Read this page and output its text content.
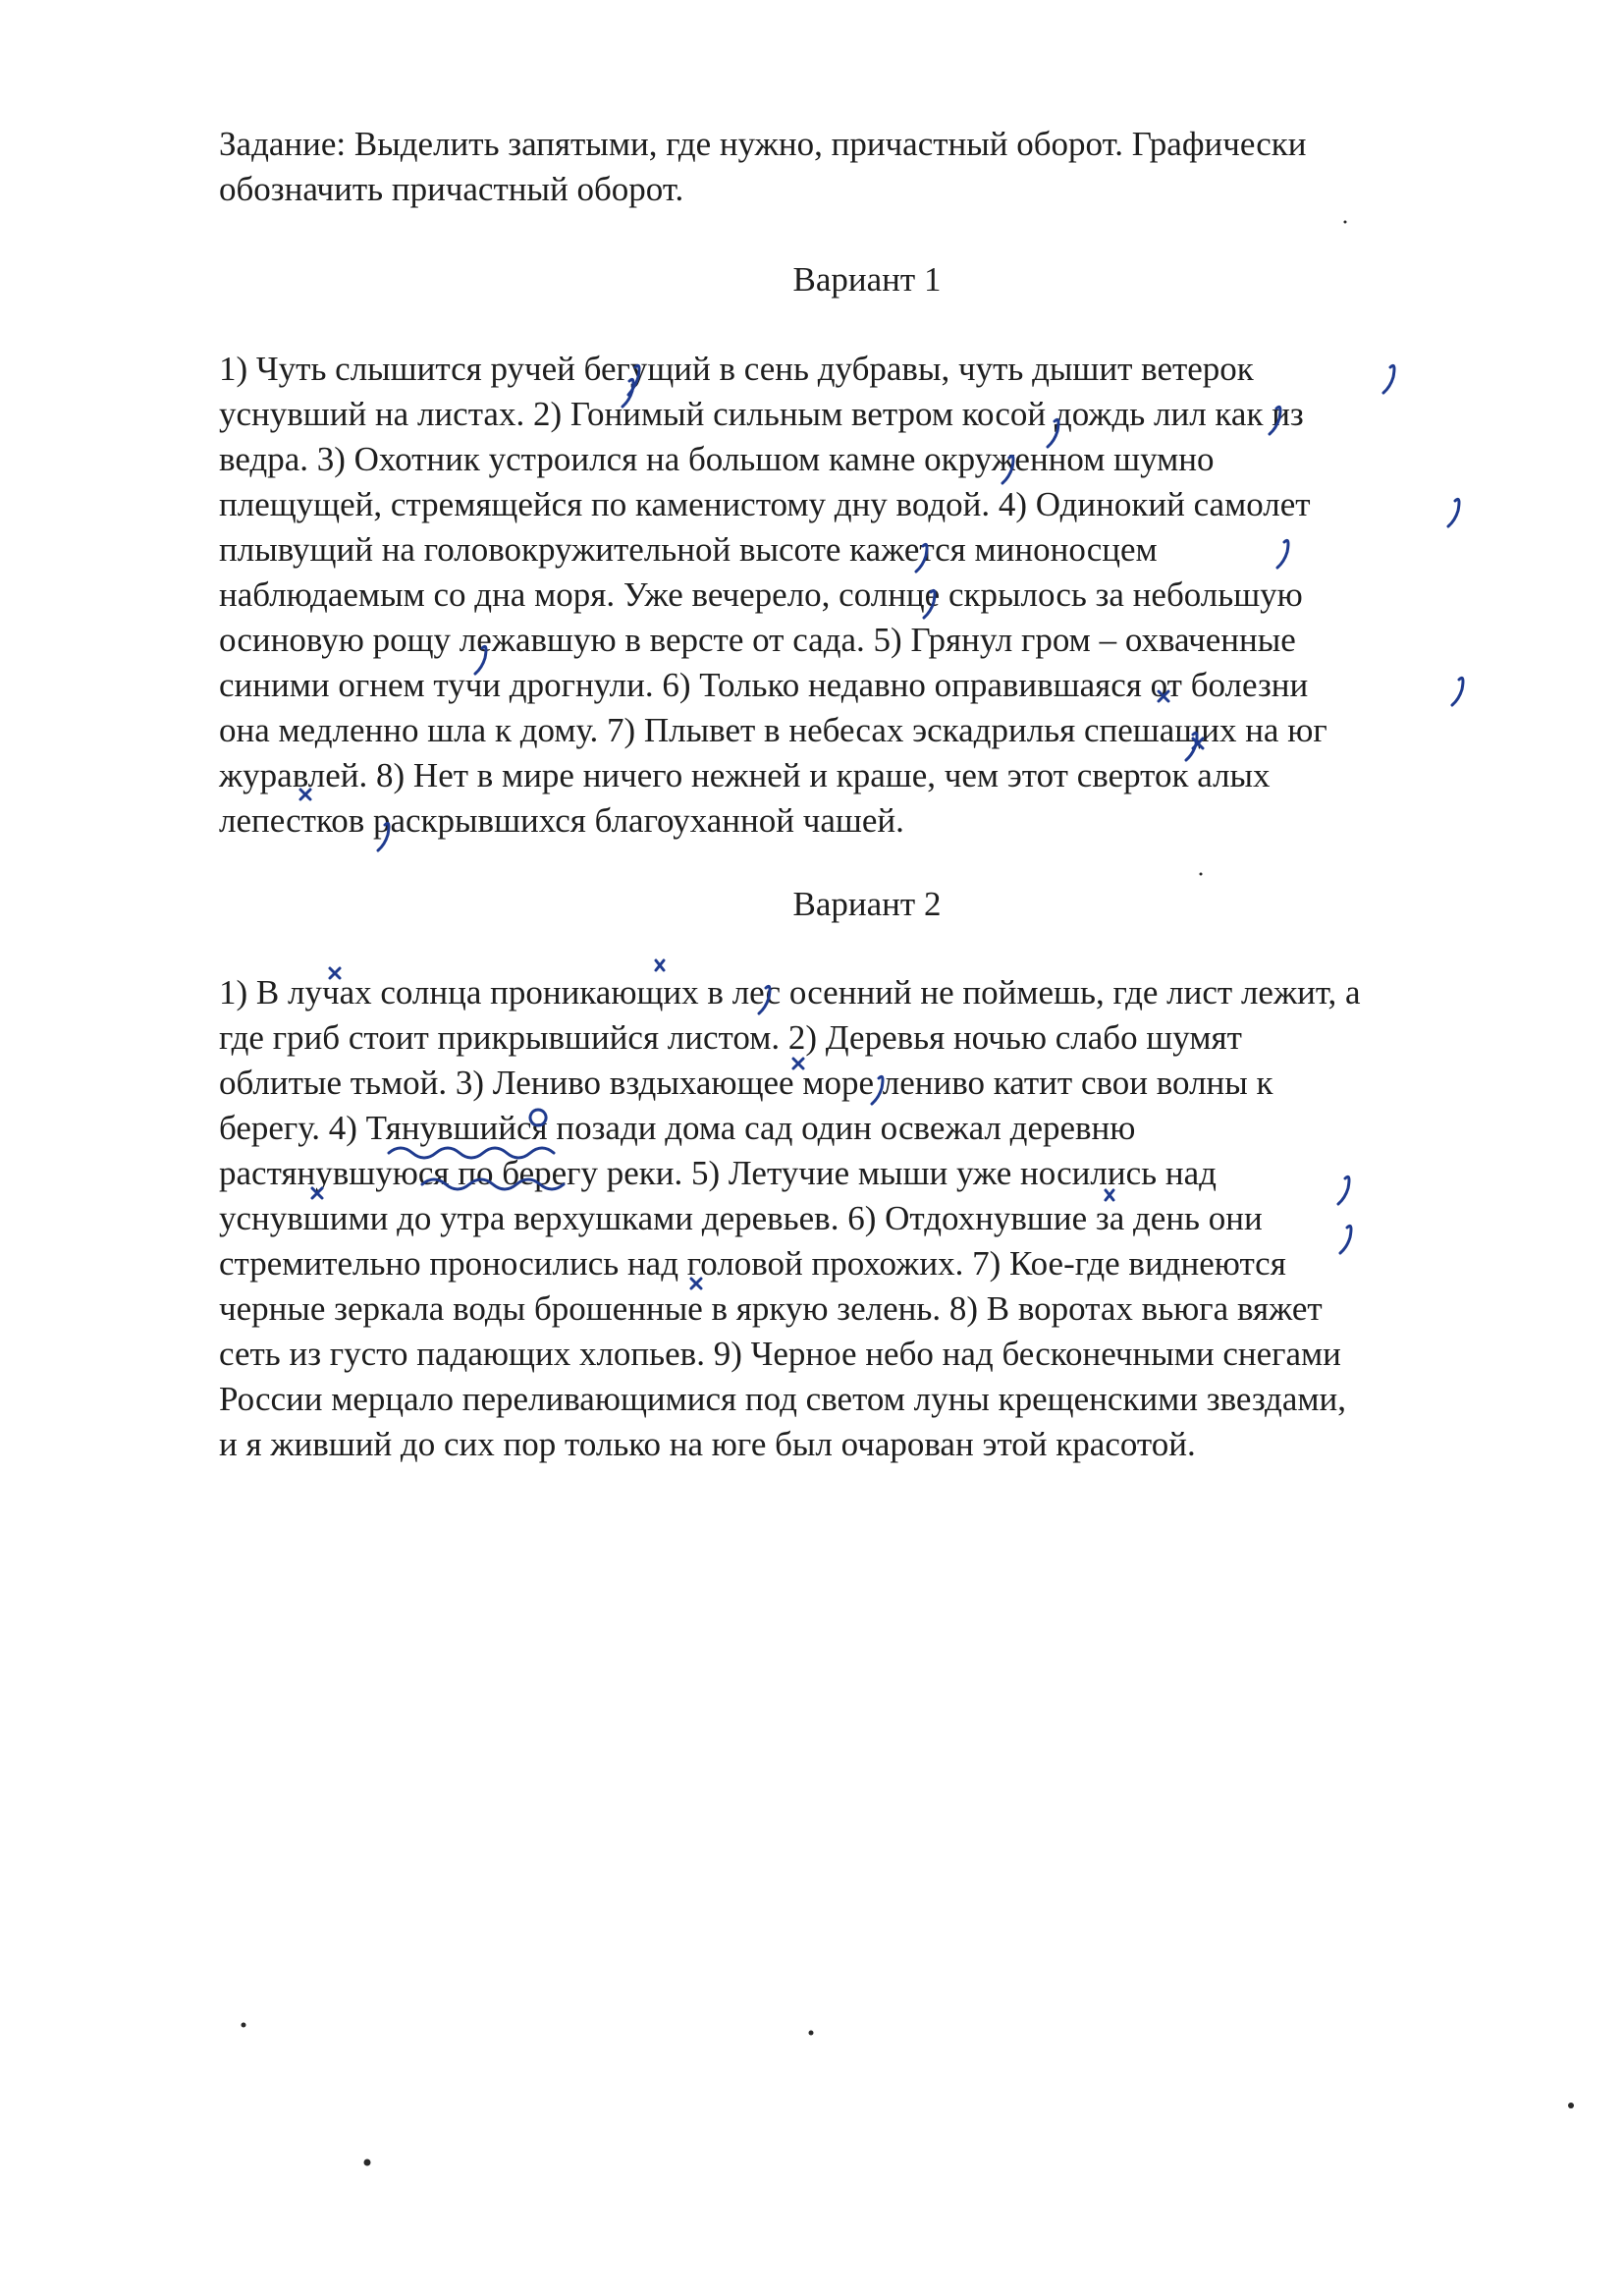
Задание: Выделить запятыми, где нужно, причастный оборот. Графически
обозначить причастный оборот.
Вариант 1
1) Чуть слышится ручей бегущий в сень дубравы, чуть дышит ветерок
уснувший на листах. 2) Гонимый сильным ветром косой дождь лил как из
ведра. 3) Охотник устроился на большом камне окруженном шумно
плещущей, стремящейся по каменистому дну водой. 4) Одинокий самолет
плывущий на головокружительной высоте кажется миноносцем
наблюдаемым со дна моря. Уже вечерело, солнце скрылось за небольшую
осиновую рощу лежавшую в версте от сада. 5) Грянул гром – охваченные
синими огнем тучи дрогнули. 6) Только недавно оправившаяся от болезни
она медленно шла к дому. 7) Плывет в небесах эскадрилья спешащих на юг
журавлей. 8) Нет в мире ничего нежней и краше, чем этот сверток алых
лепестков раскрывшихся благоуханной чашей.
Вариант 2
1) В лучах солнца проникающих в лес осенний не поймешь, где лист лежит, а
где гриб стоит прикрывшийся листом. 2) Деревья ночью слабо шумят
облитые тьмой. 3) Лениво вздыхающее море лениво катит свои волны к
берегу. 4) Тянувшийся позади дома сад один освежал деревню
растянувшуюся по берегу реки. 5) Летучие мыши уже носились над
уснувшими до утра верхушками деревьев. 6) Отдохнувшие за день они
стремительно проносились над головой прохожих. 7) Кое-где виднеются
черные зеркала воды брошенные в яркую зелень. 8) В воротах вьюга вяжет
сеть из густо падающих хлопьев. 9) Черное небо над бесконечными снегами
России мерцало переливающимися под светом луны крещенскими звездами,
и я живший до сих пор только на юге был очарован этой красотой.
